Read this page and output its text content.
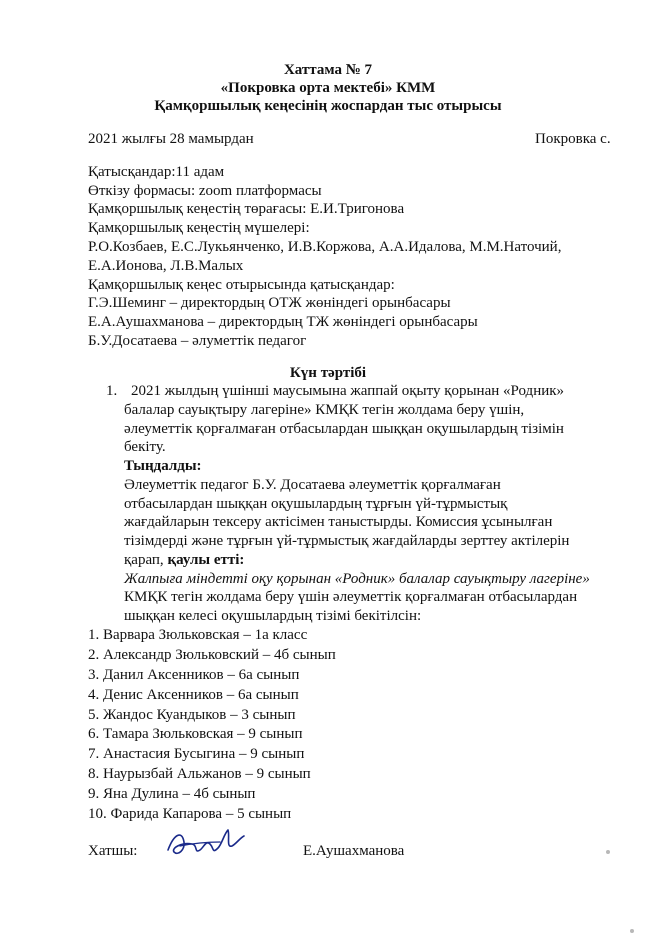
Хаттама № 7
«Покровка орта мектебі» КММ
Қамқоршылық кеңесінің жоспардан тыс отырысы
2021 жылғы 28 мамырдан	Покровка с.
Қатысқандар:11 адам
Өткізу формасы: zoom платформасы
Қамқоршылық кеңестің төрағасы: Е.И.Тригонова
Қамқоршылық кеңестің мүшелері:
Р.О.Козбаев, Е.С.Лукьянченко, И.В.Коржова, А.А.Идалова, М.М.Наточий,
Е.А.Ионова, Л.В.Малых
Қамқоршылық кеңес отырысында қатысқандар:
Г.Э.Шеминг – директордың ОТЖ жөніндегі орынбасары
Е.А.Аушахманова – директордың ТЖ жөніндегі орынбасары
Б.У.Досатаева – әлуметтік педагог
Күн тәртібі
1. 2021 жылдың үшінші маусымына жаппай оқыту қорынан «Родник»
балалар сауықтыру лагеріне» КМҚК тегін жолдама беру үшін,
әлеуметтік қорғалмаған отбасылардан шыққан оқушылардың тізімін
бекіту.
Тыңдалды:
Әлеуметтік педагог Б.У. Досатаева әлеуметтік қорғалмаған
отбасылардан шыққан оқушылардың тұрғын үй-тұрмыстық
жағдайларын тексеру актісімен таныстырды. Комиссия ұсынылған
тізімдерді және тұрғын үй-тұрмыстық жағдайларды зерттеу актілерін
қарап, қаулы етті:
Жалпыға міндетті оқу қорынан «Родник» балалар сауықтыру лагеріне»
КМҚК тегін жолдама беру үшін әлеуметтік қорғалмаған отбасылардан
шыққан келесі оқушылардың тізімі бекітілсін:
1. Варвара Зюльковская – 1а класс
2. Александр Зюльковский – 4б сынып
3. Данил Аксенников – 6а сынып
4. Денис Аксенников – 6а сынып
5. Жандос Куандыков – 3 сынып
6. Тамара Зюльковская – 9 сынып
7. Анастасия Бусыгина – 9 сынып
8. Наурызбай Альжанов – 9 сынып
9. Яна Дулина – 4б сынып
10. Фарида Капарова – 5 сынып
Хатшы:	Е.Аушахманова
